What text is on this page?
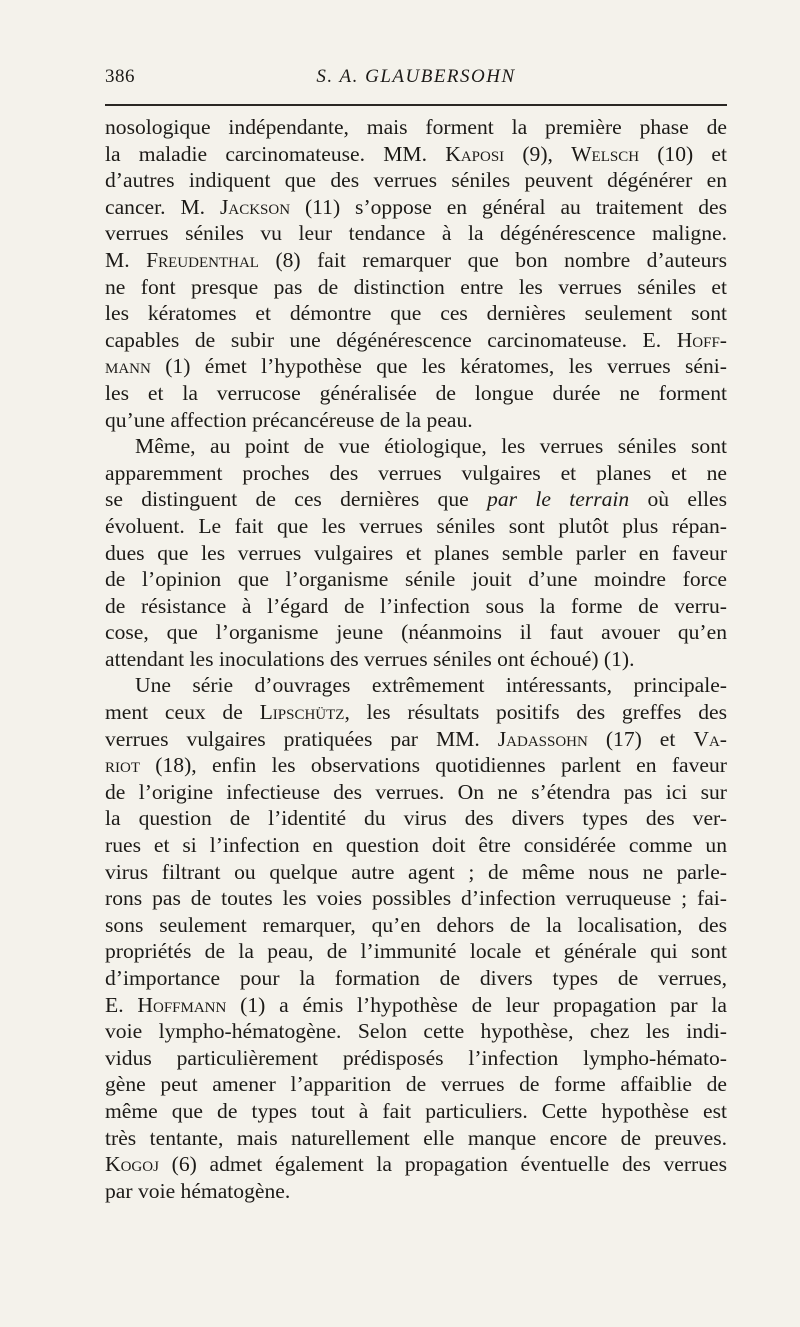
386	S. A. GLAUBERSOHN
nosologique indépendante, mais forment la première phase de
la maladie carcinomateuse. MM. Kaposi (9), Welsch (10) et
d’autres indiquent que des verrues séniles peuvent dégénérer en
cancer. M. Jackson (11) s’oppose en général au traitement des
verrues séniles vu leur tendance à la dégénérescence maligne.
M. Freudenthal (8) fait remarquer que bon nombre d’auteurs
ne font presque pas de distinction entre les verrues séniles et
les kératomes et démontre que ces dernières seulement sont
capables de subir une dégénérescence carcinomateuse. E. Hoff-
mann (1) émet l’hypothèse que les kératomes, les verrues séni-
les et la verrucose généralisée de longue durée ne forment
qu’une affection précancéreuse de la peau.
Même, au point de vue étiologique, les verrues séniles sont
apparemment proches des verrues vulgaires et planes et ne
se distinguent de ces dernières que par le terrain où elles
évoluent. Le fait que les verrues séniles sont plutôt plus répan-
dues que les verrues vulgaires et planes semble parler en faveur
de l’opinion que l’organisme sénile jouit d’une moindre force
de résistance à l’égard de l’infection sous la forme de verru-
cose, que l’organisme jeune (néanmoins il faut avouer qu’en
attendant les inoculations des verrues séniles ont échoué) (1).
Une série d’ouvrages extrêmement intéressants, principale-
ment ceux de Lipschütz, les résultats positifs des greffes des
verrues vulgaires pratiquées par MM. Jadassohn (17) et Va-
riot (18), enfin les observations quotidiennes parlent en faveur
de l’origine infectieuse des verrues. On ne s’étendra pas ici sur
la question de l’identité du virus des divers types des ver-
rues et si l’infection en question doit être considérée comme un
virus filtrant ou quelque autre agent ; de même nous ne parle-
rons pas de toutes les voies possibles d’infection verruqueuse ; fai-
sons seulement remarquer, qu’en dehors de la localisation, des
propriétés de la peau, de l’immunité locale et générale qui sont
d’importance pour la formation de divers types de verrues,
E. Hoffmann (1) a émis l’hypothèse de leur propagation par la
voie lympho-hématogène. Selon cette hypothèse, chez les indi-
vidus particulièrement prédisposés l’infection lympho-hémato-
gène peut amener l’apparition de verrues de forme affaiblie de
même que de types tout à fait particuliers. Cette hypothèse est
très tentante, mais naturellement elle manque encore de preuves.
Kogoj (6) admet également la propagation éventuelle des verrues
par voie hématogène.
